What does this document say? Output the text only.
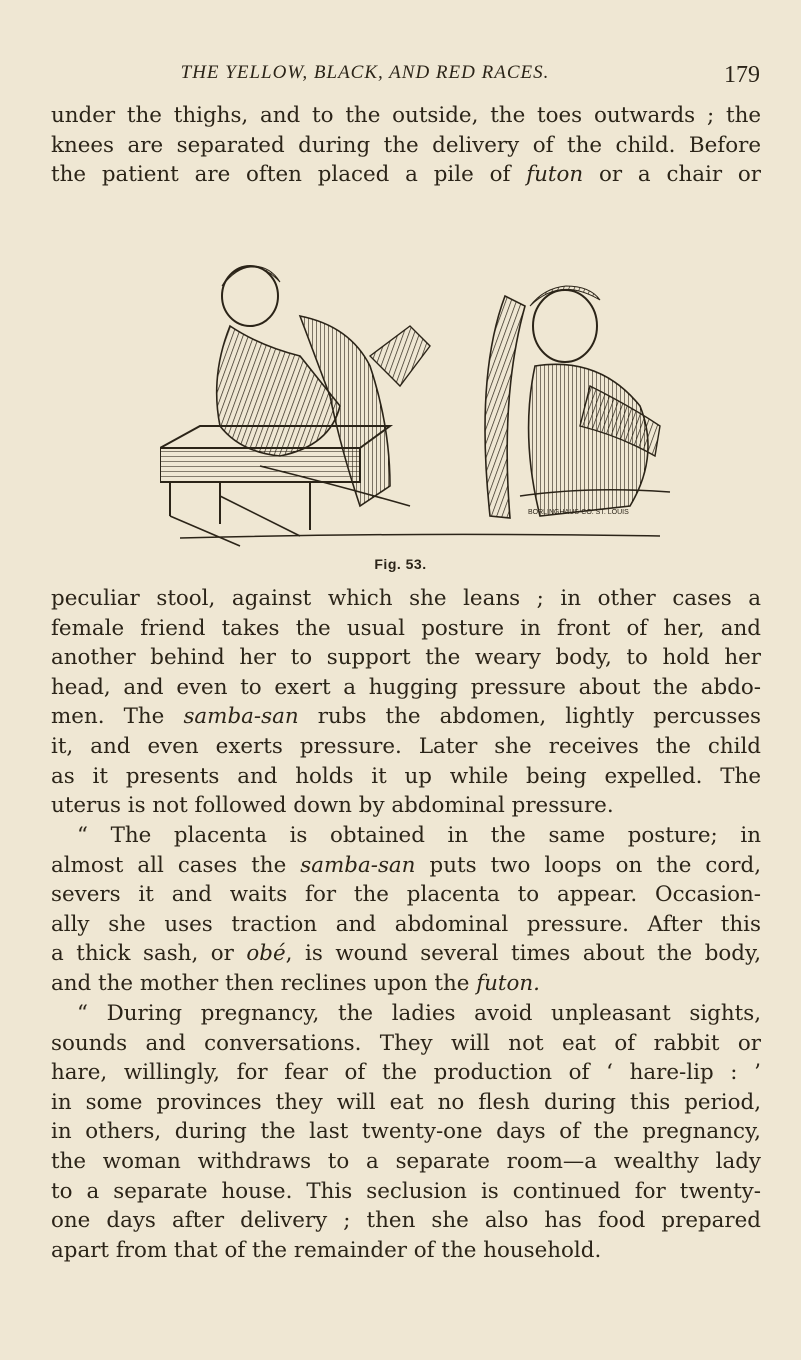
THE YELLOW, BLACK, AND RED RACES.	179

under the thighs, and to the outside, the toes outwards ; the
knees are separated during the delivery of the child. Before
the patient are often placed a pile of futon or a chair or

BORLINGHAUS-CO. ST. LOUIS
Fig. 53.

peculiar stool, against which she leans ; in other cases a
female friend takes the usual posture in front of her, and
another behind her to support the weary body, to hold her
head, and even to exert a hugging pressure about the abdo-
men. The samba-san rubs the abdomen, lightly percusses
it, and even exerts pressure. Later she receives the child
as it presents and holds it up while being expelled. The
uterus is not followed down by abdominal pressure.

“ The placenta is obtained in the same posture; in
almost all cases the samba-san puts two loops on the cord,
severs it and waits for the placenta to appear. Occasion-
ally she uses traction and abdominal pressure. After this
a thick sash, or obé, is wound several times about the body,
and the mother then reclines upon the futon.

“ During pregnancy, the ladies avoid unpleasant sights,
sounds and conversations. They will not eat of rabbit or
hare, willingly, for fear of the production of ‘ hare-lip : ’
in some provinces they will eat no flesh during this period,
in others, during the last twenty-one days of the pregnancy,
the woman withdraws to a separate room—a wealthy lady
to a separate house. This seclusion is continued for twenty-
one days after delivery ; then she also has food prepared
apart from that of the remainder of the household.
